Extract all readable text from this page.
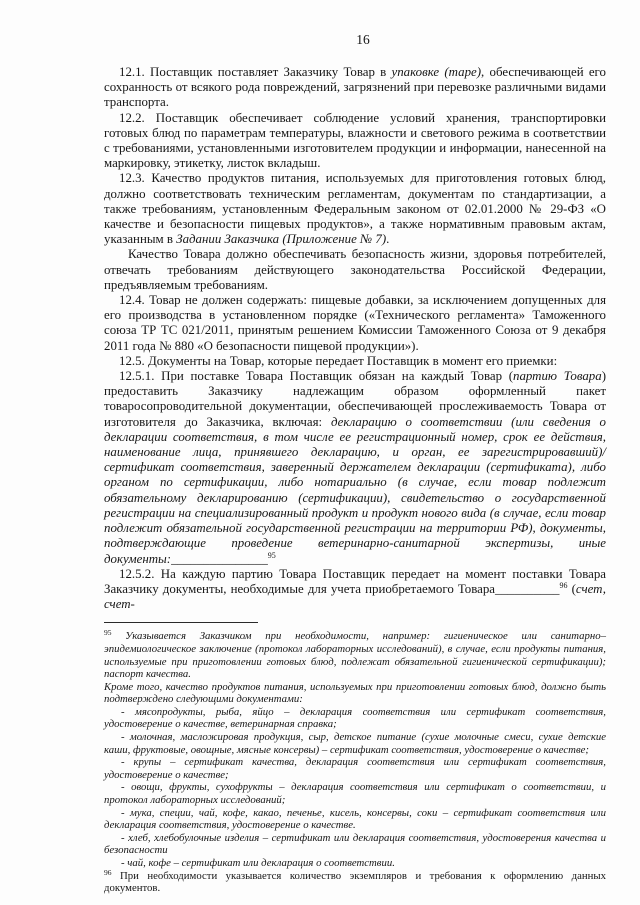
16

12.1. Поставщик поставляет Заказчику Товар в упаковке (таре), обеспечивающей его сохранность от всякого рода повреждений, загрязнений при перевозке различными видами транспорта.

12.2. Поставщик обеспечивает соблюдение условий хранения, транспортировки готовых блюд по параметрам температуры, влажности и светового режима в соответствии с требованиями, установленными изготовителем продукции и информации, нанесенной на маркировку, этикетку, листок вкладыш.

12.3. Качество продуктов питания, используемых для приготовления готовых блюд, должно соответствовать техническим регламентам, документам по стандартизации, а также требованиям, установленным Федеральным законом от 02.01.2000 № 29-ФЗ «О качестве и безопасности пищевых продуктов», а также нормативным правовым актам, указанным в Задании Заказчика (Приложение № 7).

Качество Товара должно обеспечивать безопасность жизни, здоровья потребителей, отвечать требованиям действующего законодательства Российской Федерации, предъявляемым требованиям.

12.4. Товар не должен содержать: пищевые добавки, за исключением допущенных для его производства в установленном порядке («Технического регламента» Таможенного союза ТР ТС 021/2011, принятым решением Комиссии Таможенного Союза от 9 декабря 2011 года № 880 «О безопасности пищевой продукции»).

12.5. Документы на Товар, которые передает Поставщик в момент его приемки:

12.5.1. При поставке Товара Поставщик обязан на каждый Товар (партию Товара) предоставить Заказчику надлежащим образом оформленный пакет товаросопроводительной документации, обеспечивающей прослеживаемость Товара от изготовителя до Заказчика, включая: декларацию о соответствии (или сведения о декларации соответствия, в том числе ее регистрационный номер, срок ее действия, наименование лица, принявшего декларацию, и орган, ее зарегистрировавший)/сертификат соответствия, заверенный держателем декларации (сертификата), либо органом по сертификации, либо нотариально (в случае, если товар подлежит обязательному декларированию (сертификации), свидетельство о государственной регистрации на специализированный продукт и продукт нового вида (в случае, если товар подлежит обязательной государственной регистрации на территории РФ), документы, подтверждающие проведение ветеринарно-санитарной экспертизы, иные документы:_______________$^{95}$

12.5.2. На каждую партию Товара Поставщик передает на момент поставки Товара Заказчику документы, необходимые для учета приобретаемого Товара__________$^{96}$ (счет, счет-

$^{95}$ Указывается Заказчиком при необходимости, например: гигиеническое или санитарно–эпидемиологическое заключение (протокол лабораторных исследований), в случае, если продукты питания, используемые при приготовлении готовых блюд, подлежат обязательной гигиенической сертификации); паспорт качества.

Кроме того, качество продуктов питания, используемых при приготовлении готовых блюд, должно быть подтверждено следующими документами:

- мясопродукты, рыба, яйцо – декларация соответствия или сертификат соответствия, удостоверение о качестве, ветеринарная справка;

- молочная, масложировая продукция, сыр, детское питание (сухие молочные смеси, сухие детские каши, фруктовые, овощные, мясные консервы) – сертификат соответствия, удостоверение о качестве;

- крупы – сертификат качества, декларация соответствия или сертификат соответствия, удостоверение о качестве;

- овощи, фрукты, сухофрукты – декларация соответствия или сертификат о соответствии, и протокол лабораторных исследований;

- мука, специи, чай, кофе, какао, печенье, кисель, консервы, соки – сертификат соответствия или декларация соответствия, удостоверение о качестве.

- хлеб, хлебобулочные изделия – сертификат или декларация соответствия, удостоверения качества и безопасности

- чай, кофе – сертификат или декларация о соответствии.

$^{96}$ При необходимости указывается количество экземпляров и требования к оформлению данных документов.
